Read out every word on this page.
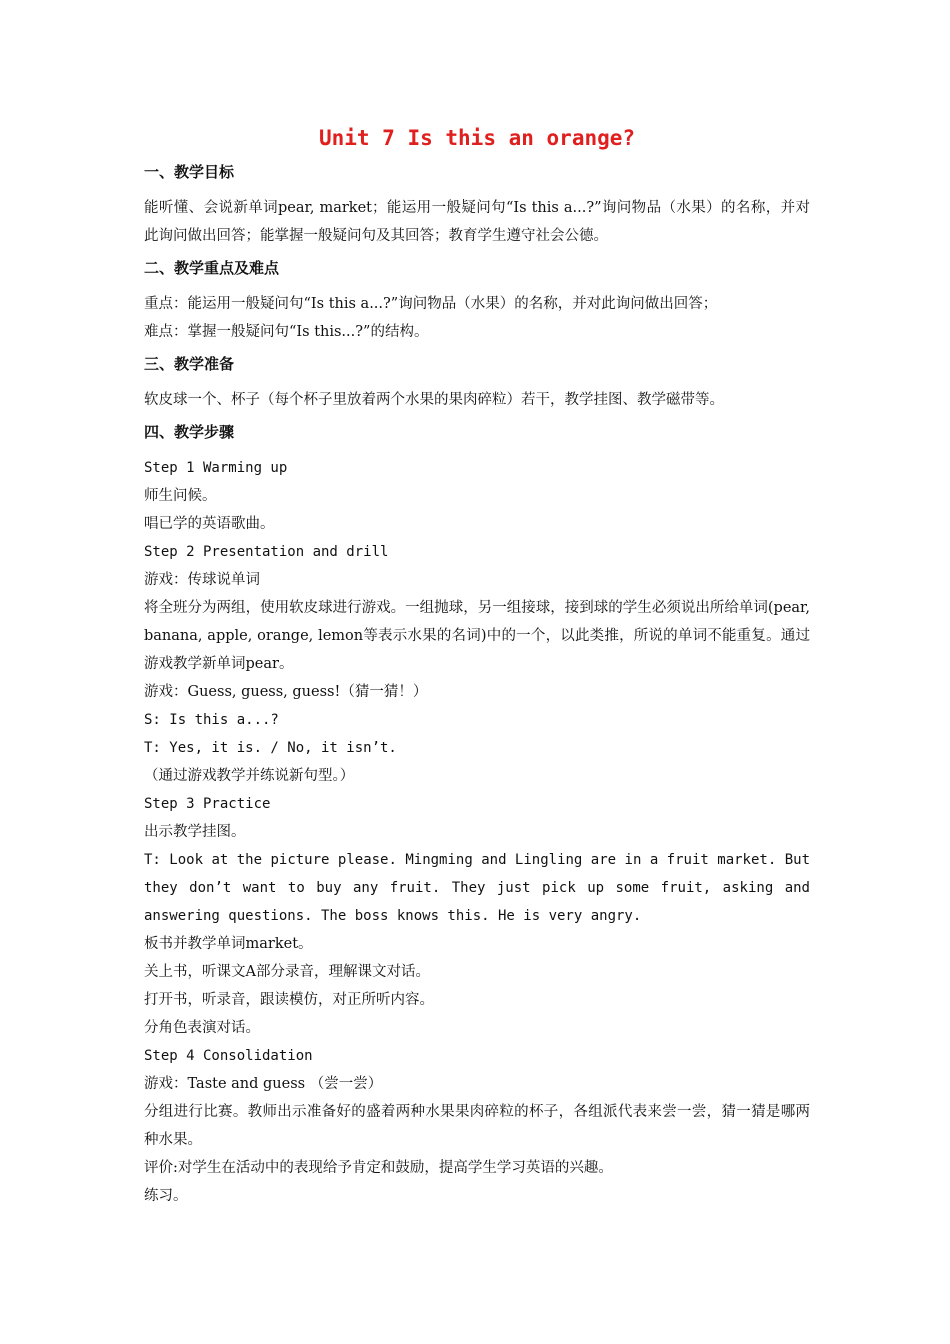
Unit 7 Is this an orange?
一、教学目标

能听懂、会说新单词pear, market；能运用一般疑问句“Is this a...?”询问物品（水果）的名称，并对此询问做出回答；能掌握一般疑问句及其回答；教育学生遵守社会公德。

二、教学重点及难点

重点：能运用一般疑问句“Is this a...?”询问物品（水果）的名称，并对此询问做出回答；

难点：掌握一般疑问句“Is this...?”的结构。

三、教学准备

软皮球一个、杯子（每个杯子里放着两个水果的果肉碎粒）若干，教学挂图、教学磁带等。

四、教学步骤

Step 1 Warming up

师生问候。

唱已学的英语歌曲。

Step 2 Presentation and drill

游戏：传球说单词

将全班分为两组，使用软皮球进行游戏。一组抛球，另一组接球，接到球的学生必须说出所给单词(pear, banana, apple, orange, lemon等表示水果的名词)中的一个，以此类推，所说的单词不能重复。通过游戏教学新单词pear。

游戏：Guess, guess, guess!（猜一猜！）

S: Is this a...?

T: Yes, it is. / No, it isn’t.

（通过游戏教学并练说新句型。）

Step 3 Practice

出示教学挂图。

T: Look at the picture please. Mingming and Lingling are in a fruit market. But they don’t want to buy any fruit. They just pick up some fruit, asking and answering questions. The boss knows this. He is very angry.

板书并教学单词market。

关上书，听课文A部分录音，理解课文对话。

打开书，听录音，跟读模仿，对正所听内容。

分角色表演对话。

Step 4 Consolidation

游戏：Taste and guess （尝一尝）

分组进行比赛。教师出示准备好的盛着两种水果果肉碎粒的杯子，各组派代表来尝一尝，猜一猜是哪两种水果。

评价:对学生在活动中的表现给予肯定和鼓励，提高学生学习英语的兴趣。

练习。
